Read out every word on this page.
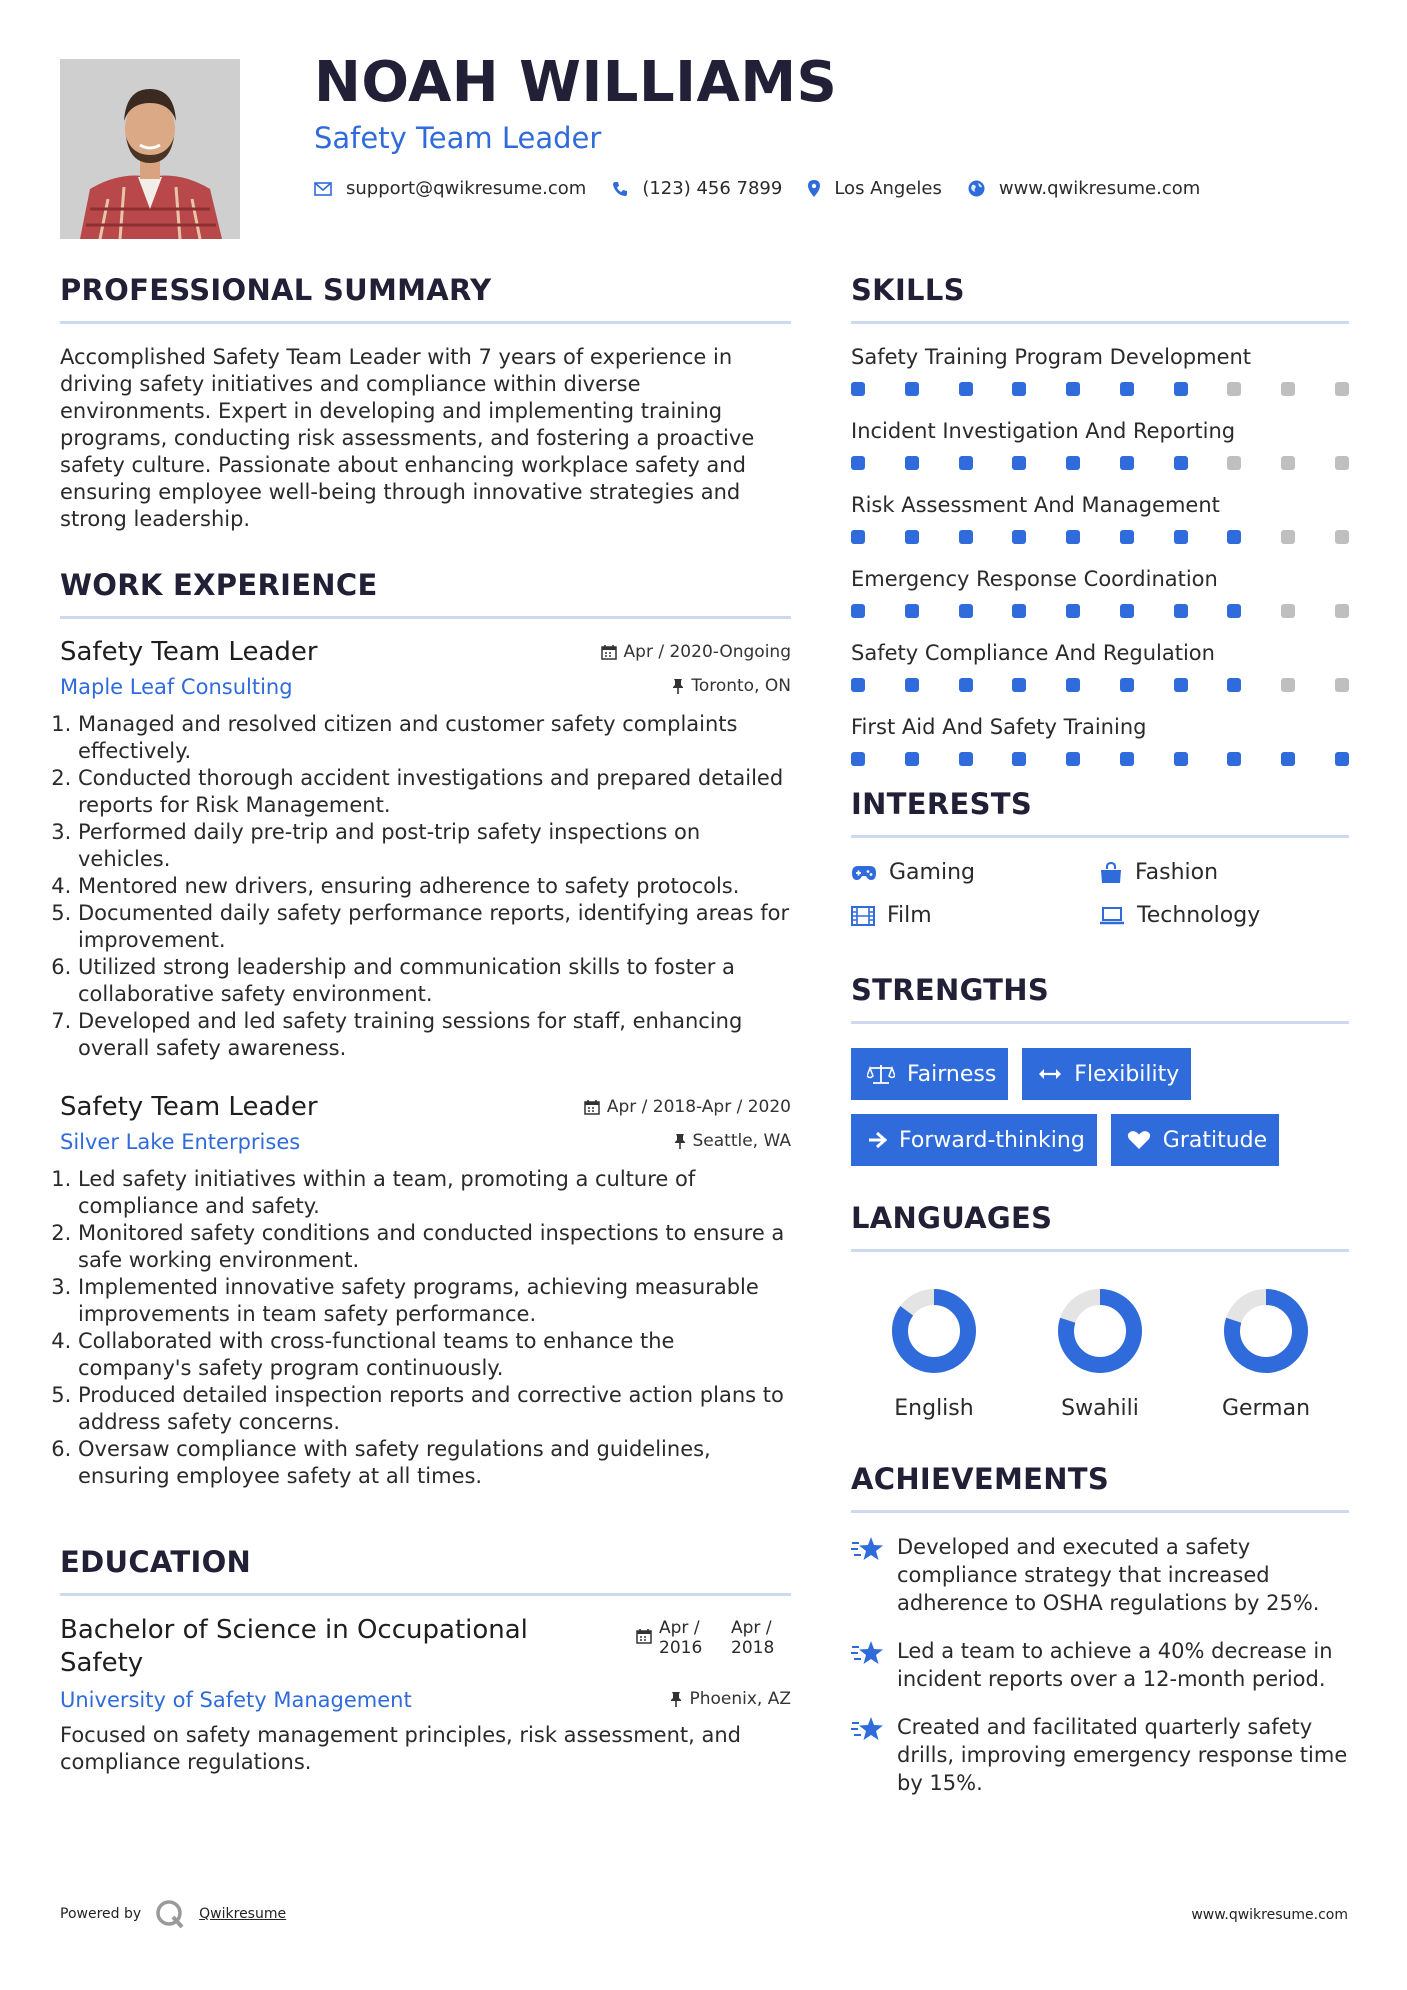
NOAH WILLIAMS
Safety Team Leader
support@qwikresume.com	(123) 456 7899	Los Angeles	www.qwikresume.com
PROFESSIONAL SUMMARY
Accomplished Safety Team Leader with 7 years of experience in driving safety initiatives and compliance within diverse environments. Expert in developing and implementing training programs, conducting risk assessments, and fostering a proactive safety culture. Passionate about enhancing workplace safety and ensuring employee well-being through innovative strategies and strong leadership.
WORK EXPERIENCE
Safety Team Leader	Apr / 2020-Ongoing
Maple Leaf Consulting	Toronto, ON
1. Managed and resolved citizen and customer safety complaints effectively.
2. Conducted thorough accident investigations and prepared detailed reports for Risk Management.
3. Performed daily pre-trip and post-trip safety inspections on vehicles.
4. Mentored new drivers, ensuring adherence to safety protocols.
5. Documented daily safety performance reports, identifying areas for improvement.
6. Utilized strong leadership and communication skills to foster a collaborative safety environment.
7. Developed and led safety training sessions for staff, enhancing overall safety awareness.
Safety Team Leader	Apr / 2018-Apr / 2020
Silver Lake Enterprises	Seattle, WA
1. Led safety initiatives within a team, promoting a culture of compliance and safety.
2. Monitored safety conditions and conducted inspections to ensure a safe working environment.
3. Implemented innovative safety programs, achieving measurable improvements in team safety performance.
4. Collaborated with cross-functional teams to enhance the company's safety program continuously.
5. Produced detailed inspection reports and corrective action plans to address safety concerns.
6. Oversaw compliance with safety regulations and guidelines, ensuring employee safety at all times.
EDUCATION
Bachelor of Science in Occupational Safety
Apr /
2016
Apr /
2018
University of Safety Management	Phoenix, AZ
Focused on safety management principles, risk assessment, and compliance regulations.
SKILLS
Safety Training Program Development
Incident Investigation And Reporting
Risk Assessment And Management
Emergency Response Coordination
Safety Compliance And Regulation
First Aid And Safety Training
INTERESTS
Gaming	Fashion
Film	Technology
STRENGTHS
Fairness	Flexibility
Forward-thinking	Gratitude
LANGUAGES
English	Swahili	German
ACHIEVEMENTS
Developed and executed a safety compliance strategy that increased adherence to OSHA regulations by 25%.
Led a team to achieve a 40% decrease in incident reports over a 12-month period.
Created and facilitated quarterly safety drills, improving emergency response time by 15%.
Powered by	Qwikresume	www.qwikresume.com
